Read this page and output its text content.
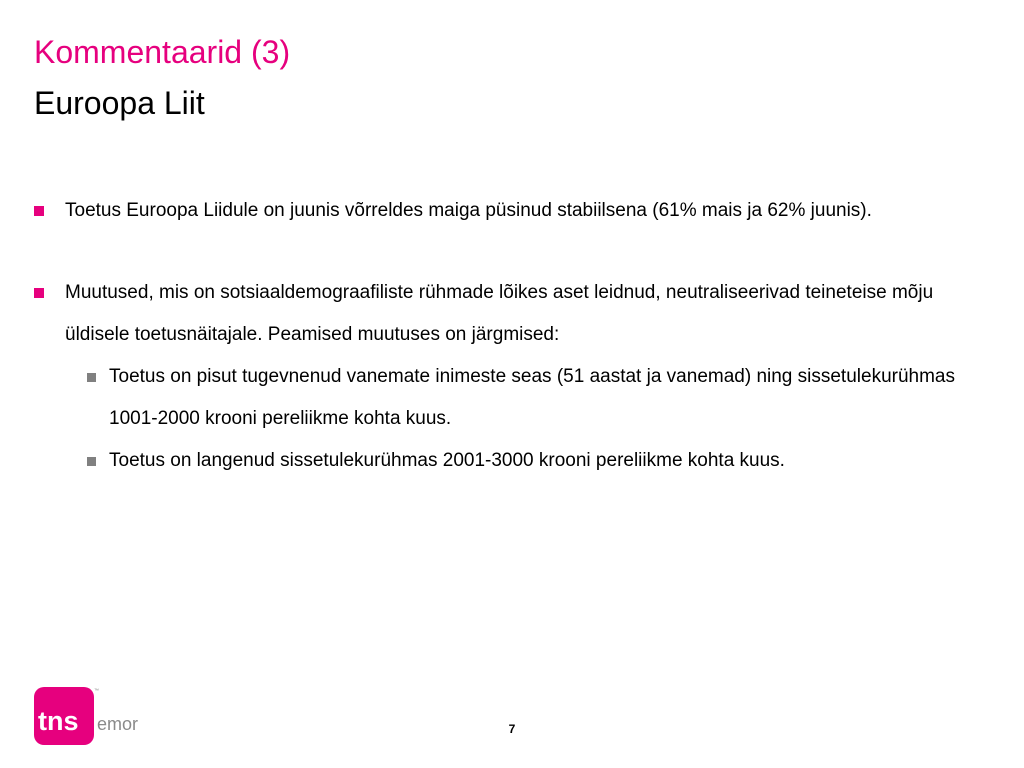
Kommentaarid (3)
Euroopa Liit

Toetus Euroopa Liidule on juunis võrreldes maiga püsinud stabiilsena (61% mais ja 62% juunis).

Muutused, mis on sotsiaaldemograafiliste rühmade lõikes aset leidnud, neutraliseerivad teineteise mõju üldisele toetusnäitajale. Peamised muutuses on järgmised:

Toetus on pisut tugevnenud vanemate inimeste seas (51 aastat ja vanemad) ning sissetulekurühmas 1001-2000 krooni pereliikme kohta kuus.

Toetus on langenud sissetulekurühmas 2001-3000 krooni pereliikme kohta kuus.

tns
™
emor	7
